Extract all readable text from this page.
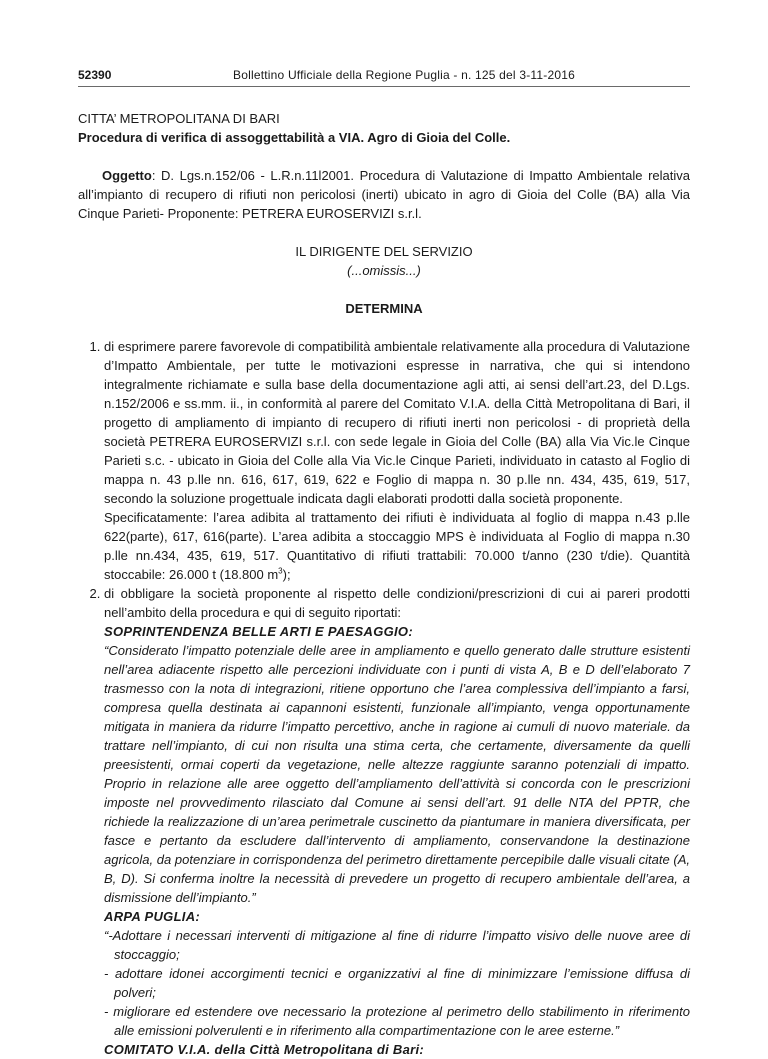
52390	Bollettino Ufficiale della Regione Puglia - n. 125 del 3-11-2016

CITTA’ METROPOLITANA DI BARI

Procedura di verifica di assoggettabilità a VIA. Agro di Gioia del Colle.

Oggetto: D. Lgs.n.152/06 - L.R.n.11l2001. Procedura di Valutazione di Impatto Ambientale relativa all’impianto di recupero di rifiuti non pericolosi (inerti) ubicato in agro di Gioia del Colle (BA) alla Via Cinque Parieti- Proponente: PETRERA EUROSERVIZI s.r.l.

IL DIRIGENTE DEL SERVIZIO

(...omissis...)

DETERMINA

1. di esprimere parere favorevole di compatibilità ambientale relativamente alla procedura di Valutazione d’Impatto Ambientale, per tutte le motivazioni espresse in narrativa, che qui si intendono integralmente richiamate e sulla base della documentazione agli atti, ai sensi dell’art.23, del D.Lgs. n.152/2006 e ss.mm. ii., in conformità al parere del Comitato V.I.A. della Città Metropolitana di Bari, il progetto di ampliamento di impianto di recupero di rifiuti inerti non pericolosi - di proprietà della società PETRERA EUROSERVIZI s.r.l. con sede legale in Gioia del Colle (BA) alla Via Vic.le Cinque Parieti s.c. - ubicato in Gioia del Colle alla Via Vic.le Cinque Parieti, individuato in catasto al Foglio di mappa n. 43 p.lle nn. 616, 617, 619, 622 e Foglio di mappa n. 30 p.lle nn. 434, 435, 619, 517, secondo la soluzione progettuale indicata dagli elaborati prodotti dalla società proponente.

Specificatamente: l’area adibita al trattamento dei rifiuti è individuata al foglio di mappa n.43 p.lle 622(parte), 617, 616(parte). L’area adibita a stoccaggio MPS è individuata al Foglio di mappa n.30 p.lle nn.434, 435, 619, 517. Quantitativo di rifiuti trattabili: 70.000 t/anno (230 t/die). Quantità stoccabile: 26.000 t (18.800 $m^3$);

2. di obbligare la società proponente al rispetto delle condizioni/prescrizioni di cui ai pareri prodotti nell’ambito della procedura e qui di seguito riportati:

SOPRINTENDENZA BELLE ARTI E PAESAGGIO:

“Considerato l’impatto potenziale delle aree in ampliamento e quello generato dalle strutture esistenti nell’area adiacente rispetto alle percezioni individuate con i punti di vista A, B e D dell’elaborato 7 trasmesso con la nota di integrazioni, ritiene opportuno che l’area complessiva dell’impianto a farsi, compresa quella destinata ai capannoni esistenti, funzionale all’impianto, venga opportunamente mitigata in maniera da ridurre l’impatto percettivo, anche in ragione ai cumuli di nuovo materiale. da trattare nell’impianto, di cui non risulta una stima certa, che certamente, diversamente da quelli preesistenti, ormai coperti da vegetazione, nelle altezze raggiunte saranno potenziali di impatto. Proprio in relazione alle aree oggetto dell’ampliamento dell’attività si concorda con le prescrizioni imposte nel provvedimento rilasciato dal Comune ai sensi dell’art. 91 delle NTA del PPTR, che richiede la realizzazione di un’area perimetrale cuscinetto da piantumare in maniera diversificata, per fasce e pertanto da escludere dall’intervento di ampliamento, conservandone la destinazione agricola, da potenziare in corrispondenza del perimetro direttamente percepibile dalle visuali citate (A, B, D). Si conferma inoltre la necessità di prevedere un progetto di recupero ambientale dell’area, a dismissione dell’impianto.”

ARPA PUGLIA:

“-Adottare i necessari interventi di mitigazione al fine di ridurre l’impatto visivo delle nuove aree di stoccaggio;
- adottare idonei accorgimenti tecnici e organizzativi al fine di minimizzare l’emissione diffusa di polveri;
- migliorare ed estendere ove necessario la protezione al perimetro dello stabilimento in riferimento alle emissioni polverulenti e in riferimento alla compartimentazione con le aree esterne.”

COMITATO V.I.A. della Città Metropolitana di Bari:
